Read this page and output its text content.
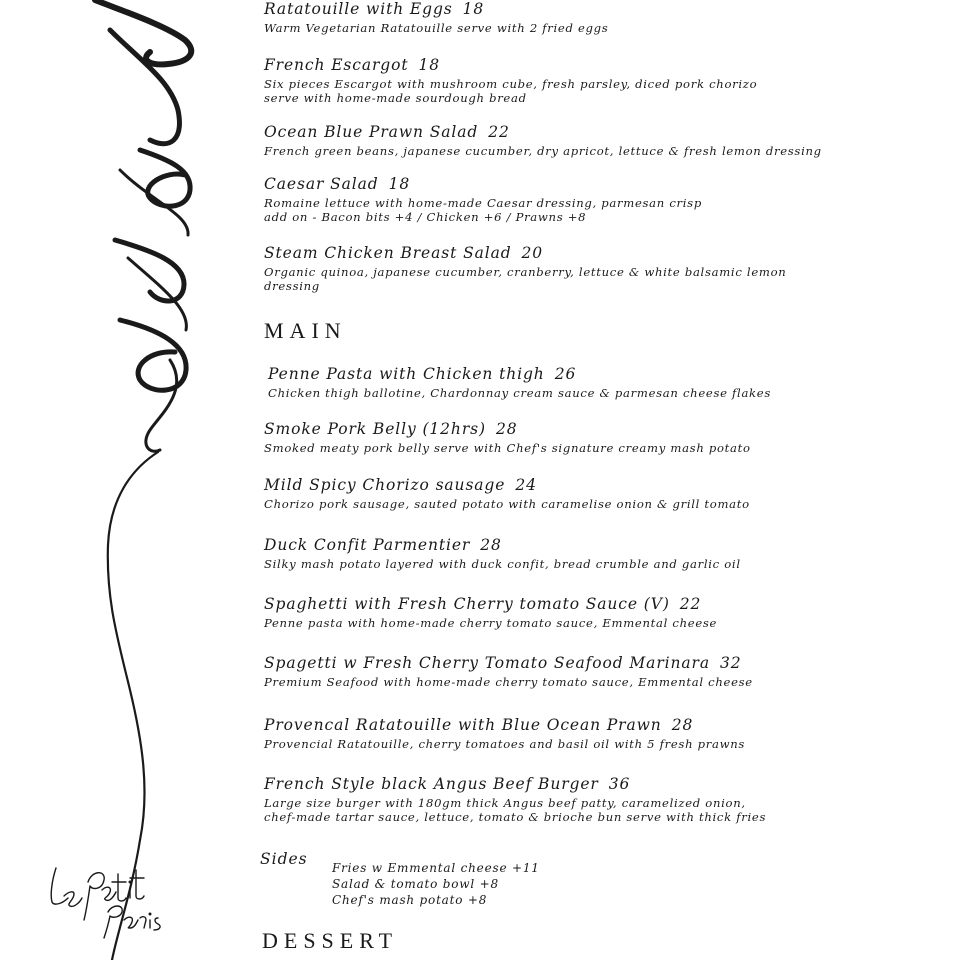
Ratatouille with Eggs 18
Warm Vegetarian Ratatouille serve with 2 fried eggs
French Escargot 18
Six pieces Escargot with mushroom cube, fresh parsley, diced pork chorizo
serve with home-made sourdough bread
Ocean Blue Prawn Salad 22
French green beans, japanese cucumber, dry apricot, lettuce & fresh lemon dressing
Caesar Salad 18
Romaine lettuce with home-made Caesar dressing, parmesan crisp
add on - Bacon bits +4 / Chicken +6 / Prawns +8
Steam Chicken Breast Salad 20
Organic quinoa, japanese cucumber, cranberry, lettuce & white balsamic lemon
dressing
MAIN
Penne Pasta with Chicken thigh 26
Chicken thigh ballotine, Chardonnay cream sauce & parmesan cheese flakes
Smoke Pork Belly (12hrs) 28
Smoked meaty pork belly serve with Chef's signature creamy mash potato
Mild Spicy Chorizo sausage 24
Chorizo pork sausage, sauted potato with caramelise onion & grill tomato
Duck Confit Parmentier 28
Silky mash potato layered with duck confit, bread crumble and garlic oil
Spaghetti with Fresh Cherry tomato Sauce (V) 22
Penne pasta with home-made cherry tomato sauce, Emmental cheese
Spagetti w Fresh Cherry Tomato Seafood Marinara 32
Premium Seafood with home-made cherry tomato sauce, Emmental cheese
Provencal Ratatouille with Blue Ocean Prawn 28
Provencial Ratatouille, cherry tomatoes and basil oil with 5 fresh prawns
French Style black Angus Beef Burger 36
Large size burger with 180gm thick Angus beef patty, caramelized onion,
chef-made tartar sauce, lettuce, tomato & brioche bun serve with thick fries
Sides Fries w Emmental cheese +11
Salad & tomato bowl +8
Chef's mash potato +8
DESSERT
